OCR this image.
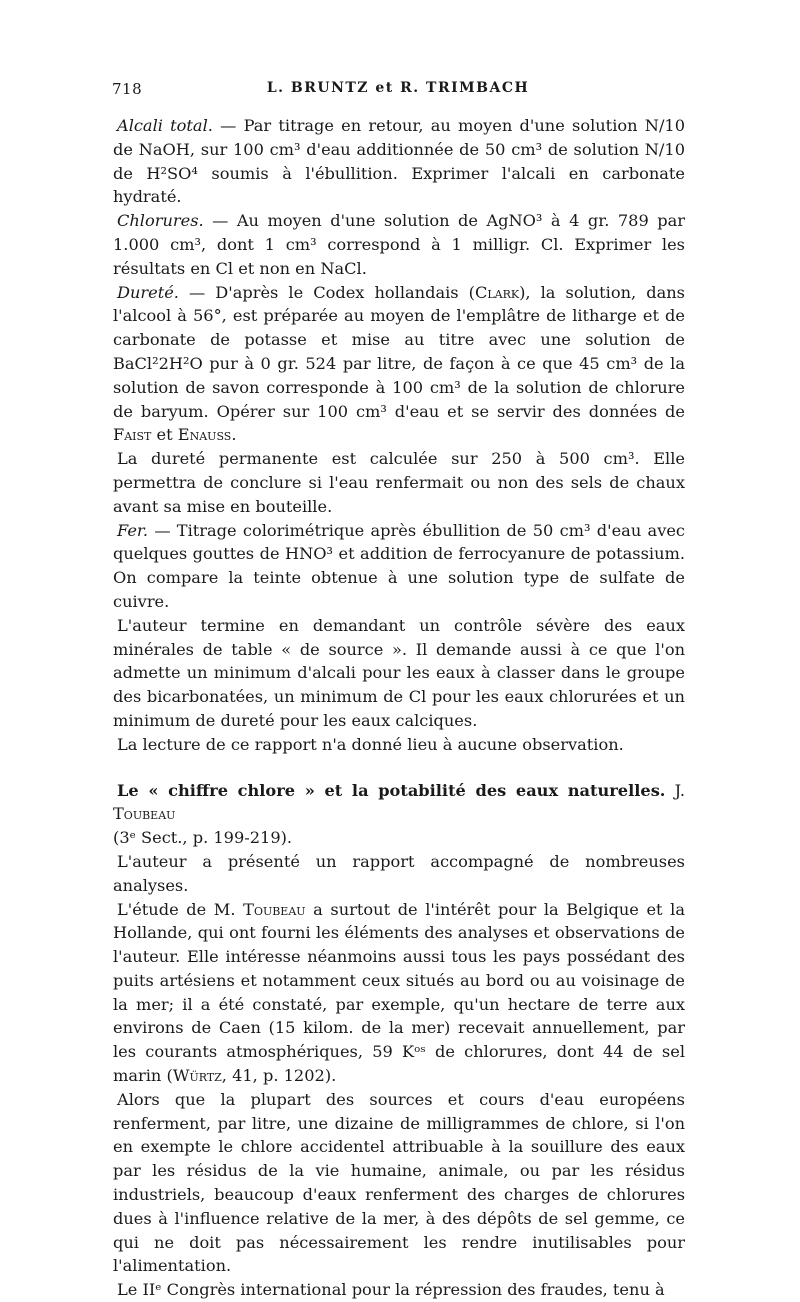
718	L. BRUNTZ et R. TRIMBACH

Alcali total. — Par titrage en retour, au moyen d'une solution N/10 de NaOH, sur 100 cm³ d'eau additionnée de 50 cm³ de solution N/10 de H²SO⁴ soumis à l'ébullition. Exprimer l'alcali en carbonate hydraté.

Chlorures. — Au moyen d'une solution de AgNO³ à 4 gr. 789 par 1.000 cm³, dont 1 cm³ correspond à 1 milligr. Cl. Exprimer les résultats en Cl et non en NaCl.

Dureté. — D'après le Codex hollandais (Clark), la solution, dans l'alcool à 56°, est préparée au moyen de l'emplâtre de litharge et de carbonate de potasse et mise au titre avec une solution de BaCl²2H²O pur à 0 gr. 524 par litre, de façon à ce que 45 cm³ de la solution de savon corresponde à 100 cm³ de la solution de chlorure de baryum. Opérer sur 100 cm³ d'eau et se servir des données de Faist et Enauss.

La dureté permanente est calculée sur 250 à 500 cm³. Elle permettra de conclure si l'eau renfermait ou non des sels de chaux avant sa mise en bouteille.

Fer. — Titrage colorimétrique après ébullition de 50 cm³ d'eau avec quelques gouttes de HNO³ et addition de ferrocyanure de potassium. On compare la teinte obtenue à une solution type de sulfate de cuivre.

L'auteur termine en demandant un contrôle sévère des eaux minérales de table « de source ». Il demande aussi à ce que l'on admette un minimum d'alcali pour les eaux à classer dans le groupe des bicarbonatées, un minimum de Cl pour les eaux chlorurées et un minimum de dureté pour les eaux calciques.

La lecture de ce rapport n'a donné lieu à aucune observation.

Le « chiffre chlore » et la potabilité des eaux naturelles. J. Toubeau
(3ᵉ Sect., p. 199-219).

L'auteur a présenté un rapport accompagné de nombreuses analyses.

L'étude de M. Toubeau a surtout de l'intérêt pour la Belgique et la Hollande, qui ont fourni les éléments des analyses et observations de l'auteur. Elle intéresse néanmoins aussi tous les pays possédant des puits artésiens et notamment ceux situés au bord ou au voisinage de la mer; il a été constaté, par exemple, qu'un hectare de terre aux environs de Caen (15 kilom. de la mer) recevait annuellement, par les courants atmosphériques, 59 Kᵒˢ de chlorures, dont 44 de sel marin (Würtz, 41, p. 1202).

Alors que la plupart des sources et cours d'eau européens renferment, par litre, une dizaine de milligrammes de chlore, si l'on en exempte le chlore accidentel attribuable à la souillure des eaux par les résidus de la vie humaine, animale, ou par les résidus industriels, beaucoup d'eaux renferment des charges de chlorures dues à l'influence relative de la mer, à des dépôts de sel gemme, ce qui ne doit pas nécessairement les rendre inutilisables pour l'alimentation.

Le IIᵉ Congrès international pour la répression des fraudes, tenu à
